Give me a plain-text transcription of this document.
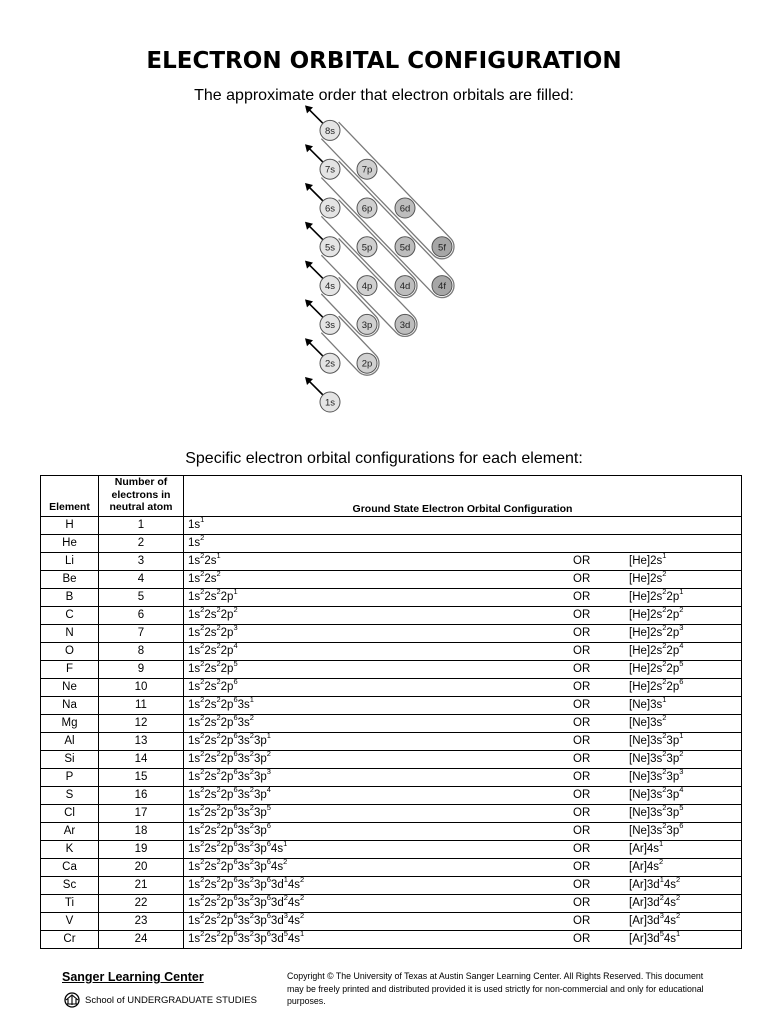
ELECTRON ORBITAL CONFIGURATION
The approximate order that electron orbitals are filled:
1s
2s	2p
3s	3p	3d
4s	4p	4d	4f
5s	5p	5d	5f
6s	6p	6d
7s	7p
8s
Specific electron orbital configurations for each element:
Element	Number of electrons in neutral atom	Ground State Electron Orbital Configuration
H	1	$1s^1$

He	2	$1s^2$

Li	3	$1s^22s^1$ OR $[He]2s^1$

Be	4	$1s^22s^2$ OR $[He]2s^2$

B	5	$1s^22s^22p^1$ OR $[He]2s^22p^1$

C	6	$1s^22s^22p^2$ OR $[He]2s^22p^2$

N	7	$1s^22s^22p^3$ OR $[He]2s^22p^3$

O	8	$1s^22s^22p^4$ OR $[He]2s^22p^4$

F	9	$1s^22s^22p^5$ OR $[He]2s^22p^5$

Ne	10	$1s^22s^22p^6$ OR $[He]2s^22p^6$

Na	11	$1s^22s^22p^63s^1$ OR $[Ne]3s^1$

Mg	12	$1s^22s^22p^63s^2$ OR $[Ne]3s^2$

Al	13	$1s^22s^22p^63s^23p^1$ OR $[Ne]3s^23p^1$

Si	14	$1s^22s^22p^63s^23p^2$ OR $[Ne]3s^23p^2$

P	15	$1s^22s^22p^63s^23p^3$ OR $[Ne]3s^23p^3$

S	16	$1s^22s^22p^63s^23p^4$ OR $[Ne]3s^23p^4$

Cl	17	$1s^22s^22p^63s^23p^5$ OR $[Ne]3s^23p^5$

Ar	18	$1s^22s^22p^63s^23p^6$ OR $[Ne]3s^23p^6$

K	19	$1s^22s^22p^63s^23p^64s^1$ OR $[Ar]4s^1$

Ca	20	$1s^22s^22p^63s^23p^64s^2$ OR $[Ar]4s^2$

Sc	21	$1s^22s^22p^63s^23p^63d^14s^2$ OR $[Ar]3d^14s^2$

Ti	22	$1s^22s^22p^63s^23p^63d^24s^2$ OR $[Ar]3d^24s^2$

V	23	$1s^22s^22p^63s^23p^63d^34s^2$ OR $[Ar]3d^34s^2$

Cr	24	$1s^22s^22p^63s^23p^63d^54s^1$ OR $[Ar]3d^54s^1$
Sanger Learning Center
School of UNDERGRADUATE STUDIES
Copyright © The University of Texas at Austin Sanger Learning Center. All Rights Reserved. This document may be freely printed and distributed provided it is used strictly for non-commercial and only for educational purposes.
